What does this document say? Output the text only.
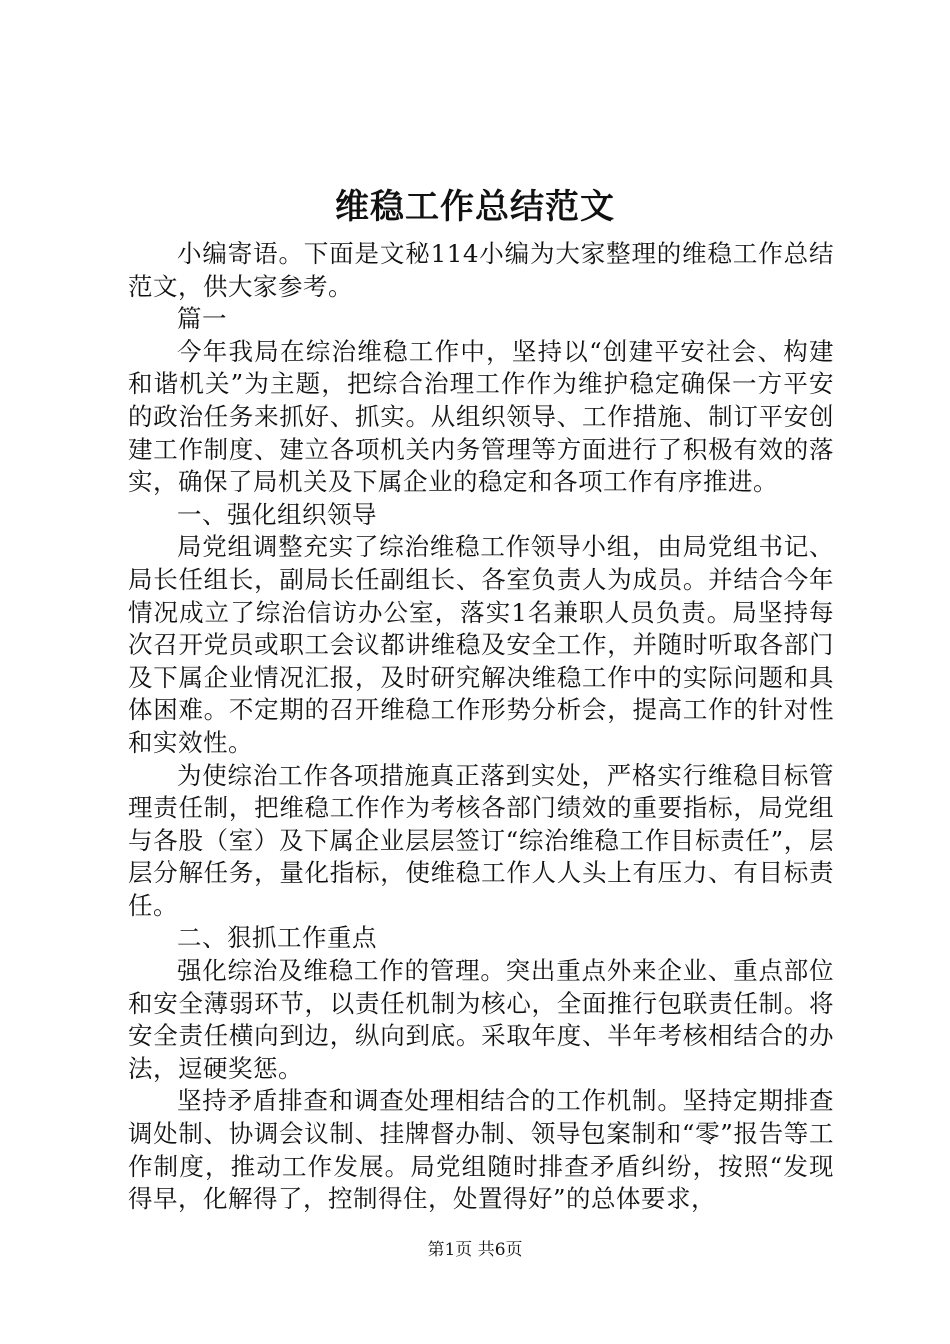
维稳工作总结范文

小编寄语。下面是文秘114小编为大家整理的维稳工作总结范文，供大家参考。

篇一

今年我局在综治维稳工作中，坚持以“创建平安社会、构建和谐机关”为主题，把综合治理工作作为维护稳定确保一方平安的政治任务来抓好、抓实。从组织领导、工作措施、制订平安创建工作制度、建立各项机关内务管理等方面进行了积极有效的落实，确保了局机关及下属企业的稳定和各项工作有序推进。

一、强化组织领导

局党组调整充实了综治维稳工作领导小组，由局党组书记、局长任组长，副局长任副组长、各室负责人为成员。并结合今年情况成立了综治信访办公室，落实1名兼职人员负责。局坚持每次召开党员或职工会议都讲维稳及安全工作，并随时听取各部门及下属企业情况汇报，及时研究解决维稳工作中的实际问题和具体困难。不定期的召开维稳工作形势分析会，提高工作的针对性和实效性。

为使综治工作各项措施真正落到实处，严格实行维稳目标管理责任制，把维稳工作作为考核各部门绩效的重要指标，局党组与各股（室）及下属企业层层签订“综治维稳工作目标责任”，层层分解任务，量化指标，使维稳工作人人头上有压力、有目标责任。

二、狠抓工作重点

强化综治及维稳工作的管理。突出重点外来企业、重点部位和安全薄弱环节，以责任机制为核心，全面推行包联责任制。将安全责任横向到边，纵向到底。采取年度、半年考核相结合的办法，逗硬奖惩。

坚持矛盾排查和调查处理相结合的工作机制。坚持定期排查调处制、协调会议制、挂牌督办制、领导包案制和“零”报告等工作制度，推动工作发展。局党组随时排查矛盾纠纷，按照“发现得早，化解得了，控制得住，处置得好”的总体要求，

第1页 共6页
